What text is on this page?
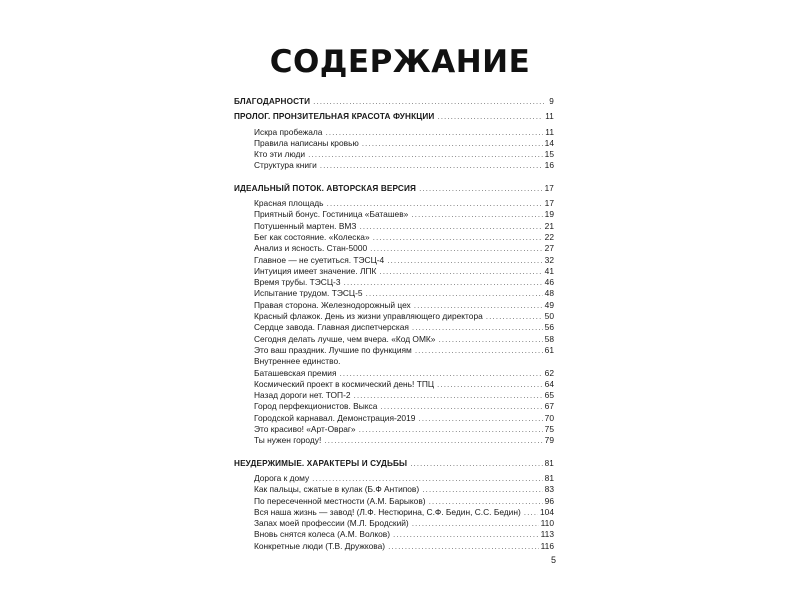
СОДЕРЖАНИЕ
БЛАГОДАРНОСТИ .....	9
ПРОЛОГ. ПРОНЗИТЕЛЬНАЯ КРАСОТА ФУНКЦИИ .....	11
Искра пробежала .....	11
Правила написаны кровью .....	14
Кто эти люди .....	15
Структура книги .....	16
ИДЕАЛЬНЫЙ ПОТОК. АВТОРСКАЯ ВЕРСИЯ .....	17
Красная площадь .....	17
Приятный бонус. Гостиница «Баташев» .....	19
Потушенный мартен. ВМЗ .....	21
Бег как состояние. «Колеска» .....	22
Анализ и ясность. Стан-5000 .....	27
Главное — не суетиться. ТЭСЦ-4 .....	32
Интуиция имеет значение. ЛПК .....	41
Время трубы. ТЭСЦ-3 .....	46
Испытание трудом. ТЭСЦ-5 .....	48
Правая сторона. Железнодорожный цех .....	49
Красный флажок. День из жизни управляющего директора .....	50
Сердце завода. Главная диспетчерская .....	56
Сегодня делать лучше, чем вчера. «Код ОМК» .....	58
Это ваш праздник. Лучшие по функциям .....	61
Внутреннее единство.
Баташевская премия .....	62
Космический проект в космический день! ТПЦ .....	64
Назад дороги нет. ТОП-2 .....	65
Город перфекционистов. Выкса .....	67
Городской карнавал. Демонстрация-2019 .....	70
Это красиво! «Арт-Овраг» .....	75
Ты нужен городу! .....	79
НЕУДЕРЖИМЫЕ. ХАРАКТЕРЫ И СУДЬБЫ .....	81
Дорога к дому .....	81
Как пальцы, сжатые в кулак (Б.Ф Антипов) .....	83
По пересеченной местности (А.М. Барыков) .....	96
Вся наша жизнь — завод! (Л.Ф. Нестюрина, С.Ф. Бедин, С.С. Бедин) ..... 104
Запах моей профессии (М.Л. Бродский) .....	110
Вновь снятся колеса (А.М. Волков) .....	113
Конкретные люди (Т.В. Дружкова) .....	116
5
